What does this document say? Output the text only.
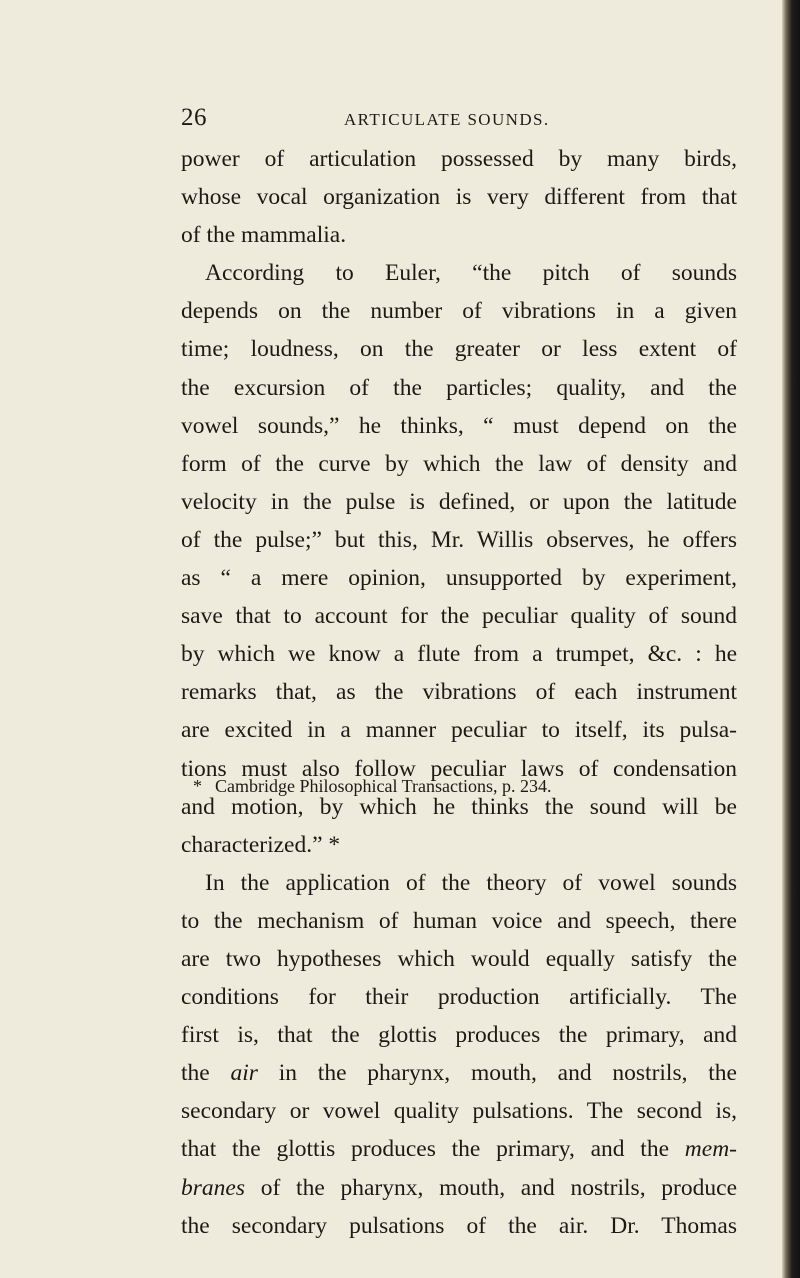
26	ARTICULATE SOUNDS.
power of articulation possessed by many birds,
whose vocal organization is very different from that
of the mammalia.
According to Euler, “the pitch of sounds
depends on the number of vibrations in a given
time; loudness, on the greater or less extent of
the excursion of the particles; quality, and the
vowel sounds,” he thinks, “ must depend on the
form of the curve by which the law of density and
velocity in the pulse is defined, or upon the latitude
of the pulse;” but this, Mr. Willis observes, he offers
as “ a mere opinion, unsupported by experiment,
save that to account for the peculiar quality of sound
by which we know a flute from a trumpet, &c. : he
remarks that, as the vibrations of each instrument
are excited in a manner peculiar to itself, its pulsa-
tions must also follow peculiar laws of condensation
and motion, by which he thinks the sound will be
characterized.” *
In the application of the theory of vowel sounds
to the mechanism of human voice and speech, there
are two hypotheses which would equally satisfy the
conditions for their production artificially. The
first is, that the glottis produces the primary, and
the air in the pharynx, mouth, and nostrils, the
secondary or vowel quality pulsations. The second is,
that the glottis produces the primary, and the mem-
branes of the pharynx, mouth, and nostrils, produce
the secondary pulsations of the air. Dr. Thomas
* Cambridge Philosophical Transactions, p. 234.
